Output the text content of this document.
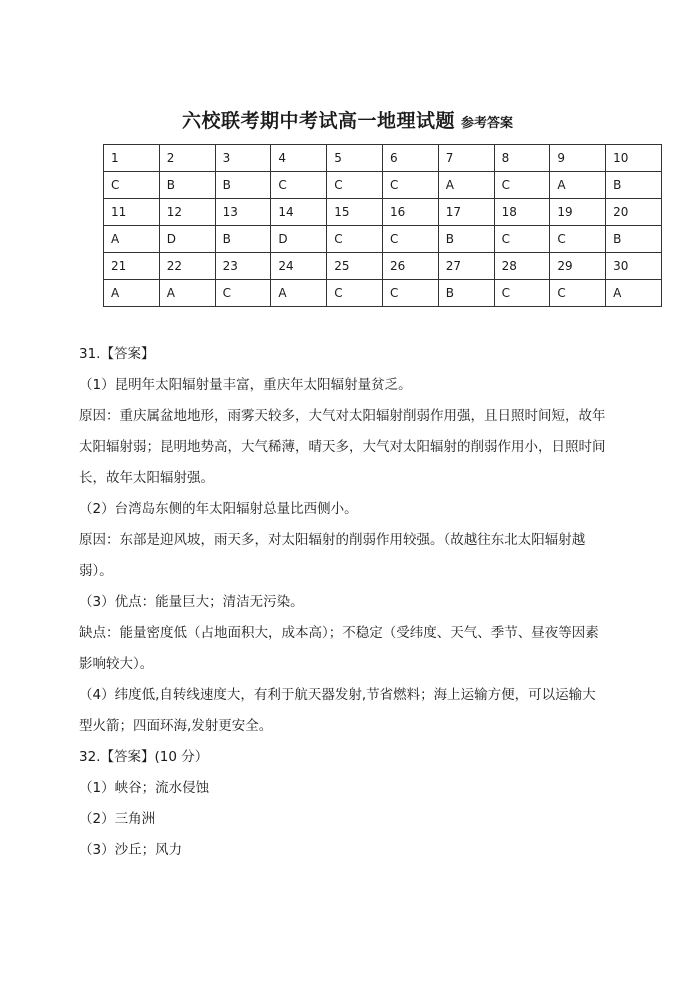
六校联考期中考试高一地理试题 参考答案
1	2	3	4	5	6	7	8	9	10
C	B	B	C	C	C	A	C	A	B
11	12	13	14	15	16	17	18	19	20
A	D	B	D	C	C	B	C	C	B
21	22	23	24	25	26	27	28	29	30
A	A	C	A	C	C	B	C	C	A

31.【答案】

（1）昆明年太阳辐射量丰富，重庆年太阳辐射量贫乏。

原因：重庆属盆地地形，雨雾天较多，大气对太阳辐射削弱作用强，且日照时间短，故年

太阳辐射弱；昆明地势高，大气稀薄，晴天多，大气对太阳辐射的削弱作用小，日照时间

长，故年太阳辐射强。

（2）台湾岛东侧的年太阳辐射总量比西侧小。

原因：东部是迎风坡，雨天多，对太阳辐射的削弱作用较强。（故越往东北太阳辐射越

弱）。

（3）优点：能量巨大；清洁无污染。

缺点：能量密度低（占地面积大，成本高）；不稳定（受纬度、天气、季节、昼夜等因素

影响较大）。

（4）纬度低,自转线速度大，有利于航天器发射,节省燃料；海上运输方便，可以运输大

型火箭；四面环海,发射更安全。

32.【答案】(10 分）

（1）峡谷；流水侵蚀

（2）三角洲

（3）沙丘；风力
